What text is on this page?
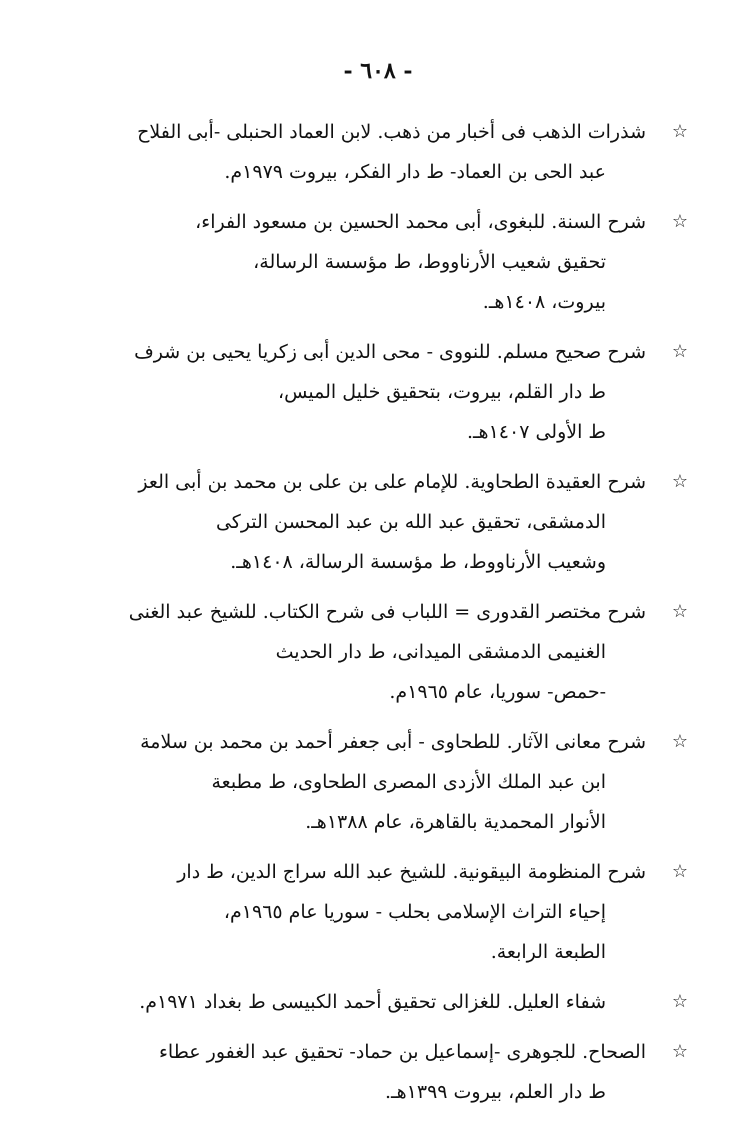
- ٦٠٨ -
☆
شذرات الذهب فى أخبار من ذهب. لابن العماد الحنبلى -أبى الفلاح
عبد الحى بن العماد- ط دار الفكر، بيروت ١٩٧٩م.
☆
شرح السنة. للبغوى، أبى محمد الحسين بن مسعود الفراء،
تحقيق شعيب الأرناووط، ط مؤسسة الرسالة،
بيروت، ١٤٠٨هـ.
☆
شرح صحيح مسلم. للنووى - محى الدين أبى زكريا يحيى بن شرف
ط دار القلم، بيروت، بتحقيق خليل الميس،
ط الأولى ١٤٠٧هـ.
☆
شرح العقيدة الطحاوية. للإمام على بن على بن محمد بن أبى العز
الدمشقى، تحقيق عبد الله بن عبد المحسن التركى
وشعيب الأرناووط، ط مؤسسة الرسالة، ١٤٠٨هـ.
☆
شرح مختصر القدورى = اللباب فى شرح الكتاب. للشيخ عبد الغنى
الغنيمى الدمشقى الميدانى، ط دار الحديث
-حمص- سوريا، عام ١٩٦٥م.
☆
شرح معانى الآثار. للطحاوى - أبى جعفر أحمد بن محمد بن سلامة
ابن عبد الملك الأزدى المصرى الطحاوى، ط مطبعة
الأنوار المحمدية بالقاهرة، عام ١٣٨٨هـ.
☆
شرح المنظومة البيقونية. للشيخ عبد الله سراج الدين، ط دار
إحياء التراث الإسلامى بحلب - سوريا عام ١٩٦٥م،
الطبعة الرابعة.
☆
شفاء العليل. للغزالى تحقيق أحمد الكبيسى ط بغداد ١٩٧١م.
☆
الصحاح. للجوهرى -إسماعيل بن حماد- تحقيق عبد الغفور عطاء
ط دار العلم، بيروت ١٣٩٩هـ.
